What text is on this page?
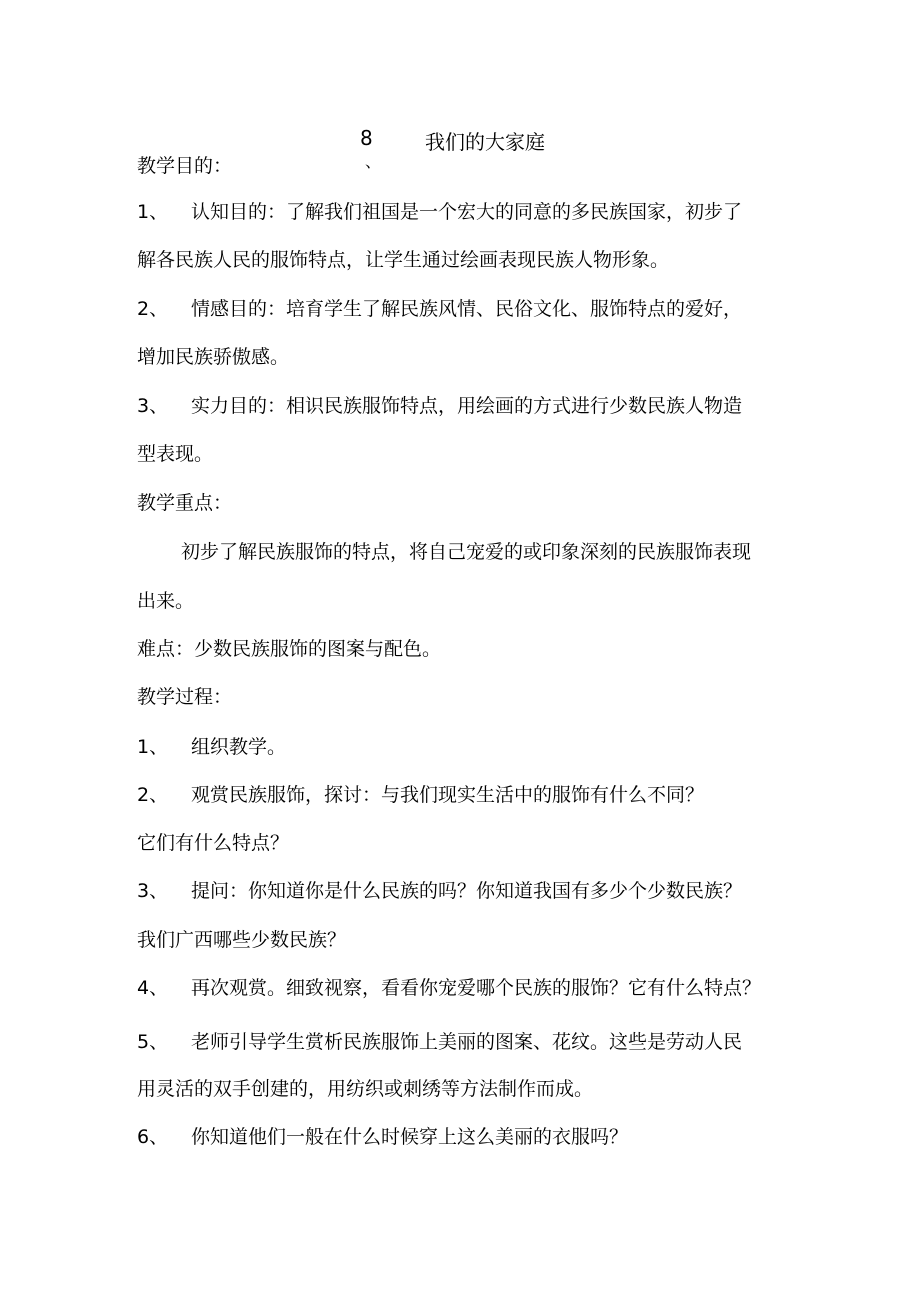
8
、
我们的大家庭
教学目的：
1、 认知目的：了解我们祖国是一个宏大的同意的多民族国家，初步了
解各民族人民的服饰特点，让学生通过绘画表现民族人物形象。
2、 情感目的：培育学生了解民族风情、民俗文化、服饰特点的爱好，
增加民族骄傲感。
3、 实力目的：相识民族服饰特点，用绘画的方式进行少数民族人物造
型表现。
教学重点：
初步了解民族服饰的特点，将自己宠爱的或印象深刻的民族服饰表现
出来。
难点：少数民族服饰的图案与配色。
教学过程：
1、 组织教学。
2、 观赏民族服饰，探讨：与我们现实生活中的服饰有什么不同？
它们有什么特点？
3、 提问：你知道你是什么民族的吗？你知道我国有多少个少数民族？
我们广西哪些少数民族？
4、 再次观赏。细致视察，看看你宠爱哪个民族的服饰？它有什么特点？
5、 老师引导学生赏析民族服饰上美丽的图案、花纹。这些是劳动人民
用灵活的双手创建的，用纺织或刺绣等方法制作而成。
6、 你知道他们一般在什么时候穿上这么美丽的衣服吗？
